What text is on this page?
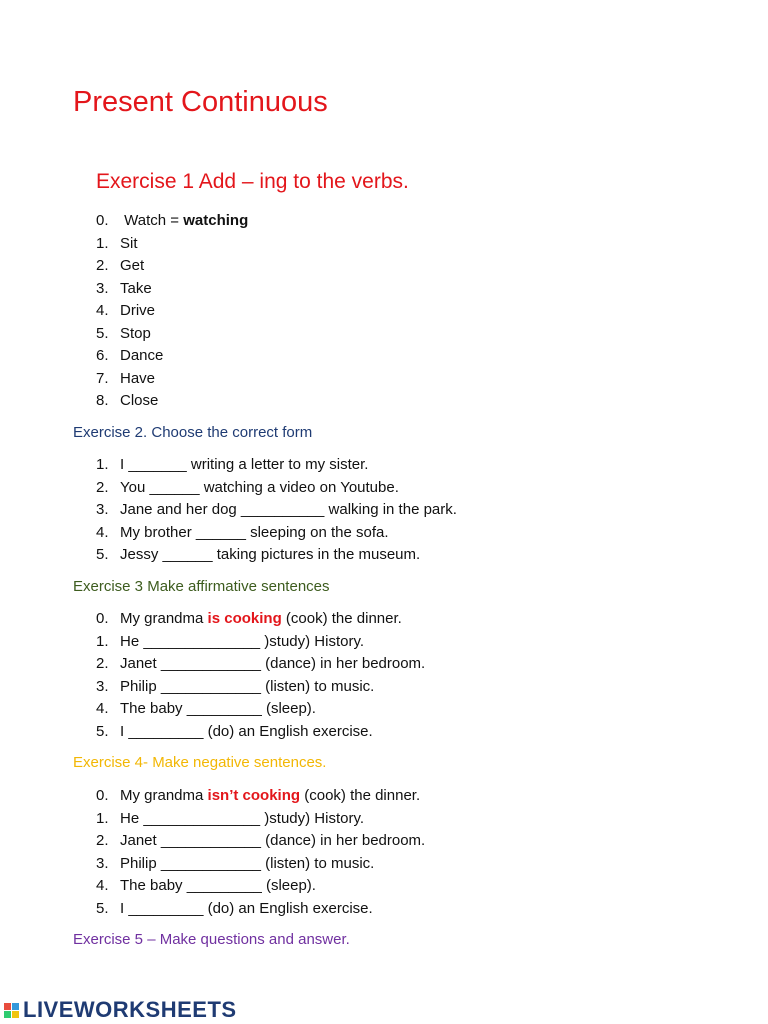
Present Continuous
Exercise 1 Add – ing to the verbs.
0. Watch = watching
1. Sit
2. Get
3. Take
4. Drive
5. Stop
6. Dance
7. Have
8. Close
Exercise 2. Choose the correct form
1. I _______ writing a letter to my sister.
2. You ______ watching a video on Youtube.
3. Jane and her dog __________ walking in the park.
4. My brother ______ sleeping on the sofa.
5. Jessy ______ taking pictures in the museum.
Exercise 3 Make affirmative sentences
0. My grandma is cooking (cook) the dinner.
1. He ______________ )study) History.
2. Janet ____________ (dance) in her bedroom.
3. Philip ____________ (listen) to music.
4. The baby _________ (sleep).
5. I _________ (do) an English exercise.
Exercise 4- Make negative sentences.
0. My grandma isn’t cooking (cook) the dinner.
1. He ______________ )study) History.
2. Janet ____________ (dance) in her bedroom.
3. Philip ____________ (listen) to music.
4. The baby _________ (sleep).
5. I _________ (do) an English exercise.
Exercise 5 – Make questions and answer.
LIVEWORKSHEETS
